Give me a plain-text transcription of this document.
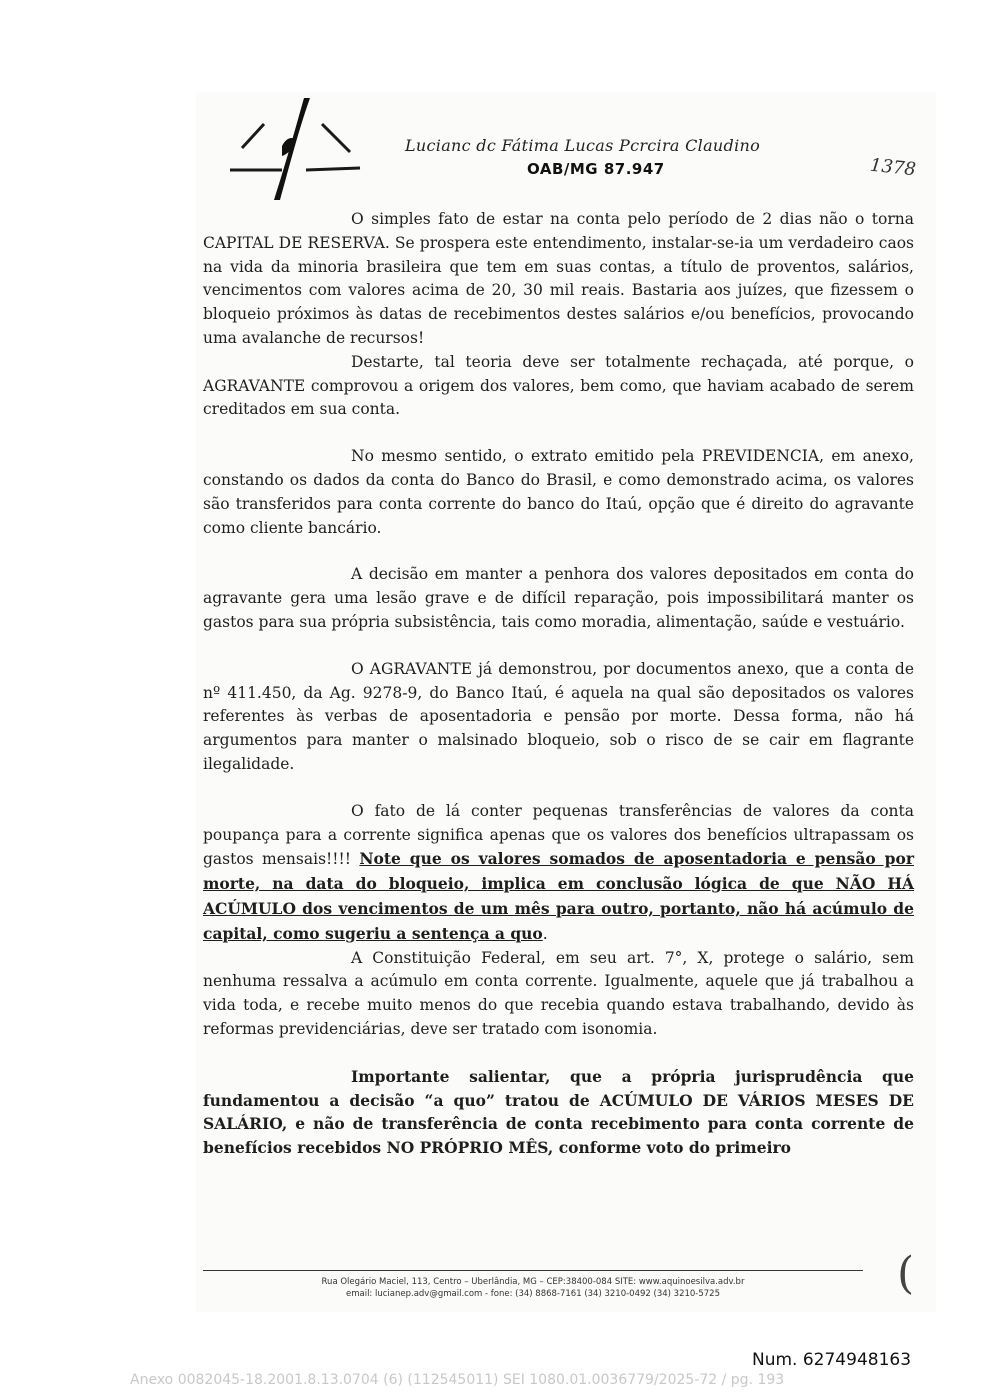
Lucianc dc Fátima Lucas Pcrcira Claudino
OAB/MG 87.947	1378

O simples fato de estar na conta pelo período de 2 dias não o torna CAPITAL DE RESERVA. Se prospera este entendimento, instalar-se-ia um verdadeiro caos na vida da minoria brasileira que tem em suas contas, a título de proventos, salários, vencimentos com valores acima de 20, 30 mil reais. Bastaria aos juízes, que fizessem o bloqueio próximos às datas de recebimentos destes salários e/ou benefícios, provocando uma avalanche de recursos!

Destarte, tal teoria deve ser totalmente rechaçada, até porque, o AGRAVANTE comprovou a origem dos valores, bem como, que haviam acabado de serem creditados em sua conta.

No mesmo sentido, o extrato emitido pela PREVIDENCIA, em anexo, constando os dados da conta do Banco do Brasil, e como demonstrado acima, os valores são transferidos para conta corrente do banco do Itaú, opção que é direito do agravante como cliente bancário.

A decisão em manter a penhora dos valores depositados em conta do agravante gera uma lesão grave e de difícil reparação, pois impossibilitará manter os gastos para sua própria subsistência, tais como moradia, alimentação, saúde e vestuário.

O AGRAVANTE já demonstrou, por documentos anexo, que a conta de nº 411.450, da Ag. 9278-9, do Banco Itaú, é aquela na qual são depositados os valores referentes às verbas de aposentadoria e pensão por morte. Dessa forma, não há argumentos para manter o malsinado bloqueio, sob o risco de se cair em flagrante ilegalidade.

O fato de lá conter pequenas transferências de valores da conta poupança para a corrente significa apenas que os valores dos benefícios ultrapassam os gastos mensais!!!! Note que os valores somados de aposentadoria e pensão por morte, na data do bloqueio, implica em conclusão lógica de que NÃO HÁ ACÚMULO dos vencimentos de um mês para outro, portanto, não há acúmulo de capital, como sugeriu a sentença a quo.

A Constituição Federal, em seu art. 7°, X, protege o salário, sem nenhuma ressalva a acúmulo em conta corrente. Igualmente, aquele que já trabalhou a vida toda, e recebe muito menos do que recebia quando estava trabalhando, devido às reformas previdenciárias, deve ser tratado com isonomia.

Importante salientar, que a própria jurisprudência que fundamentou a decisão “a quo” tratou de ACÚMULO DE VÁRIOS MESES DE SALÁRIO, e não de transferência de conta recebimento para conta corrente de benefícios recebidos NO PRÓPRIO MÊS, conforme voto do primeiro

(
Rua Olegário Maciel, 113, Centro – Uberlândia, MG – CEP:38400-084 SITE: www.aquinoesilva.adv.br
email: lucianep.adv@gmail.com - fone: (34) 8868-7161 (34) 3210-0492 (34) 3210-5725
Num. 6274948163
Anexo 0082045-18.2001.8.13.0704 (6) (112545011) SEI 1080.01.0036779/2025-72 / pg. 193
